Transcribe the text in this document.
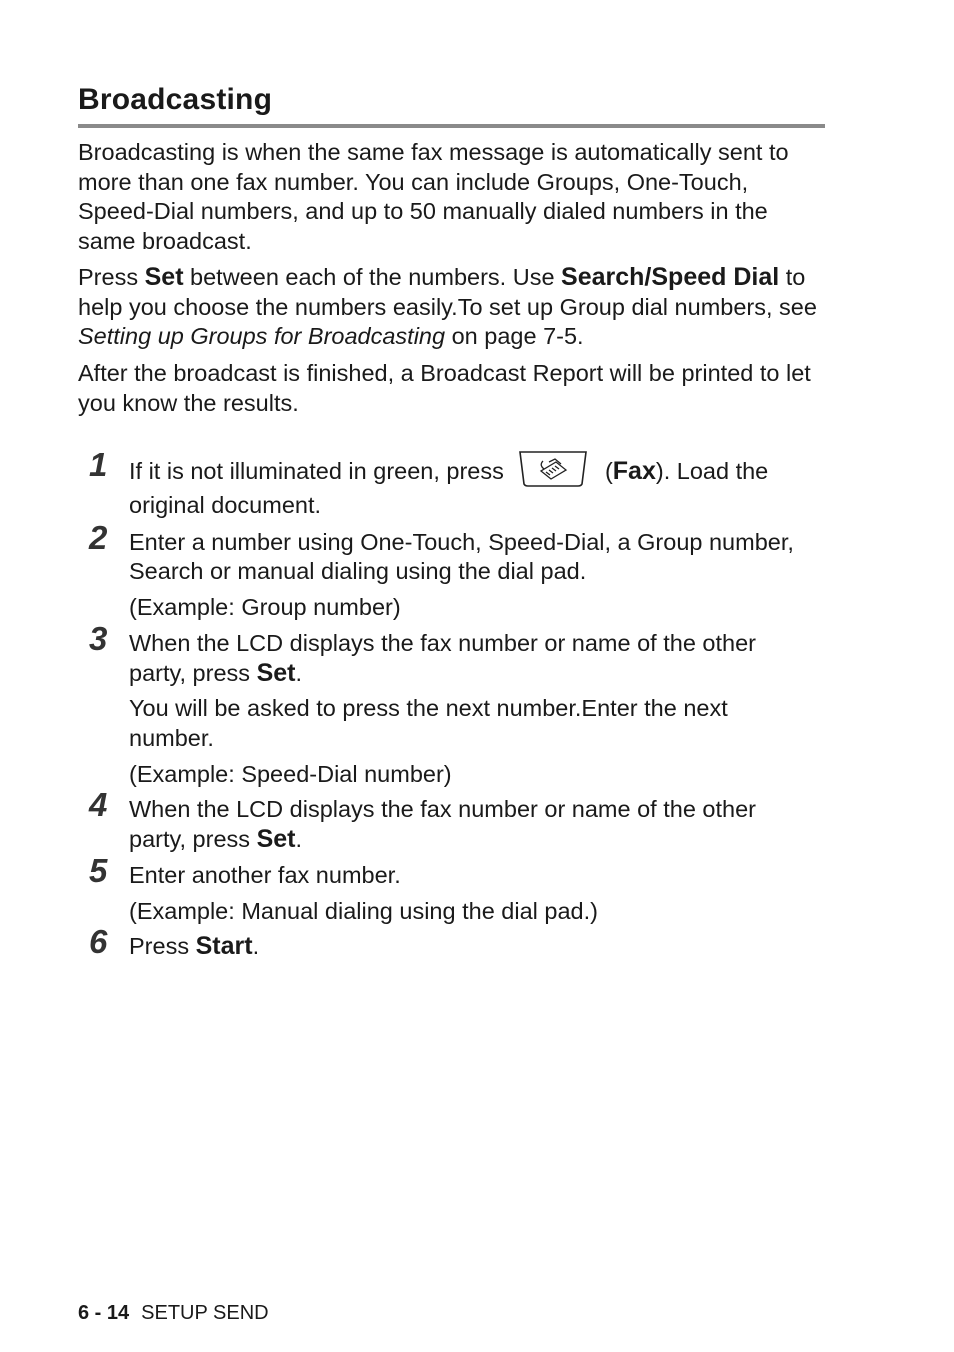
Broadcasting

Broadcasting is when the same fax message is automatically sent to more than one fax number. You can include Groups, One-Touch, Speed-Dial numbers, and up to 50 manually dialed numbers in the same broadcast.

Press Set between each of the numbers. Use Search/Speed Dial to help you choose the numbers easily.To set up Group dial numbers, see Setting up Groups for Broadcasting on page 7-5.

After the broadcast is finished, a Broadcast Report will be printed to let you know the results.

1 If it is not illuminated in green, press	(Fax). Load the original document.
2 Enter a number using One-Touch, Speed-Dial, a Group number, Search or manual dialing using the dial pad.
(Example: Group number)
3 When the LCD displays the fax number or name of the other party, press Set.
You will be asked to press the next number.Enter the next number.
(Example: Speed-Dial number)
4 When the LCD displays the fax number or name of the other party, press Set.
5 Enter another fax number.
(Example: Manual dialing using the dial pad.)
6 Press Start.
6 - 14 SETUP SEND
